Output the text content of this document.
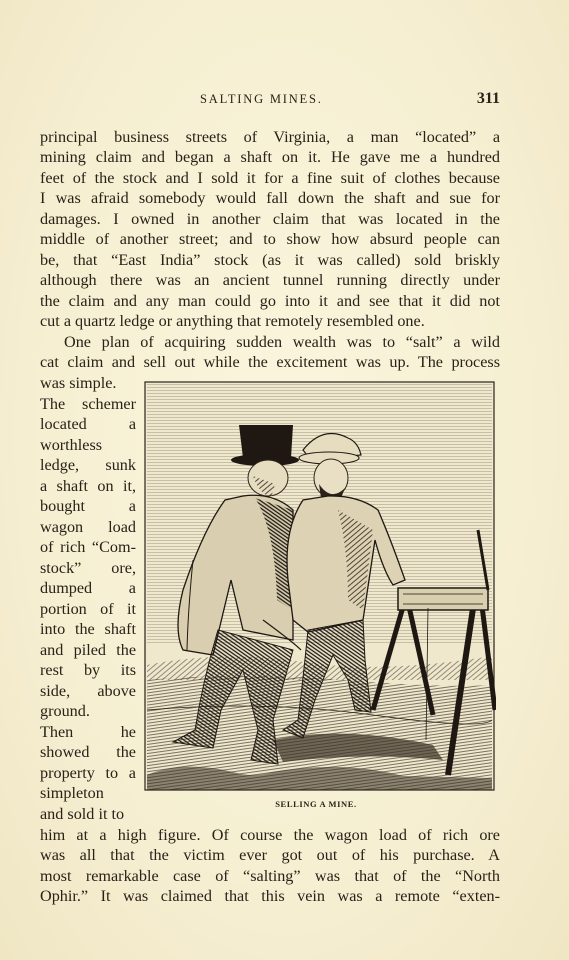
SALTING MINES.	311
principal business streets of Virginia, a man “located” a
mining claim and began a shaft on it. He gave me a hundred
feet of the stock and I sold it for a fine suit of clothes because
I was afraid somebody would fall down the shaft and sue for
damages. I owned in another claim that was located in the
middle of another street; and to show how absurd people can
be, that “East India” stock (as it was called) sold briskly
although there was an ancient tunnel running directly under
the claim and any man could go into it and see that it did not
cut a quartz ledge or anything that remotely resembled one.
One plan of acquiring sudden wealth was to “salt” a wild
cat claim and sell out while the excitement was up. The process
was simple.
The schemer
located a
worthless
ledge, sunk
a shaft on it,
bought a
wagon load
of rich “Com-
stock” ore,
dumped a
portion of it
into the shaft
and piled the
rest by its
side, above
ground.
Then he
showed the
property to a
simpleton
and sold it to
him at a high figure. Of course the wagon load of rich ore
was all that the victim ever got out of his purchase. A
most remarkable case of “salting” was that of the “North
Ophir.” It was claimed that this vein was a remote “exten-
SELLING A MINE.
